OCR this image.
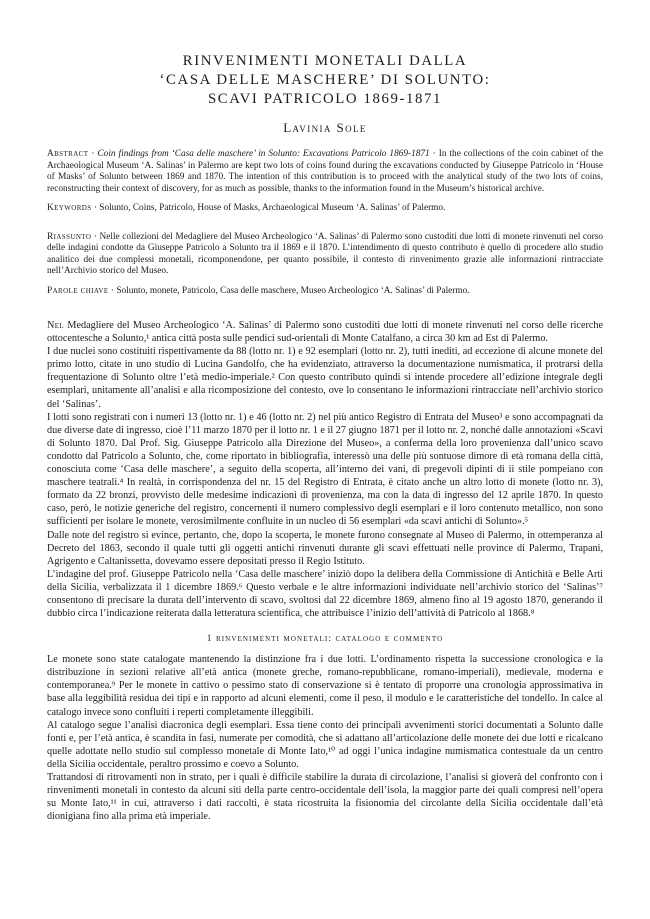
RINVENIMENTI MONETALI DALLA
‘CASA DELLE MASCHERE’ DI SOLUNTO:
SCAVI PATRICOLO 1869-1871
Lavinia Sole

Abstract · Coin findings from ‘Casa delle maschere’ in Solunto: Excavations Patricolo 1869-1871 · In the collections of the coin cabinet of the Archaeological Museum ‘A. Salinas’ in Palermo are kept two lots of coins found during the excavations conducted by Giuseppe Patricolo in ‘House of Masks’ of Solunto between 1869 and 1870. The intention of this contribution is to proceed with the analytical study of the two lots of coins, reconstructing their context of discovery, for as much as possible, thanks to the information found in the Museum’s historical archive.

Keywords · Solunto, Coins, Patricolo, House of Masks, Archaeological Museum ‘A. Salinas’ of Palermo.

Riassunto · Nelle collezioni del Medagliere del Museo Archeologico ‘A. Salinas’ di Palermo sono custoditi due lotti di monete rinvenuti nel corso delle indagini condotte da Giuseppe Patricolo a Solunto tra il 1869 e il 1870. L’intendimento di questo contributo è quello di procedere allo studio analitico dei due complessi monetali, ricomponendone, per quanto possibile, il contesto di rinvenimento grazie alle informazioni rintracciate nell’Archivio storico del Museo.

Parole chiave · Solunto, monete, Patricolo, Casa delle maschere, Museo Archeologico ‘A. Salinas’ di Palermo.

Nel Medagliere del Museo Archeologico ‘A. Salinas’ di Palermo sono custoditi due lotti di monete rinvenuti nel corso delle ricerche ottocentesche a Solunto,¹ antica città posta sulle pendici sud-orientali di Monte Catalfano, a circa 30 km ad Est di Palermo.

I due nuclei sono costituiti rispettivamente da 88 (lotto nr. 1) e 92 esemplari (lotto nr. 2), tutti inediti, ad eccezione di alcune monete del primo lotto, citate in uno studio di Lucina Gandolfo, che ha evidenziato, attraverso la documentazione numismatica, il protrarsi della frequentazione di Solunto oltre l’età medio-imperiale.² Con questo contributo quindi si intende procedere all’edizione integrale degli esemplari, unitamente all’analisi e alla ricomposizione del contesto, ove lo consentano le informazioni rintracciate nell’archivio storico del ‘Salinas’.

I lotti sono registrati con i numeri 13 (lotto nr. 1) e 46 (lotto nr. 2) nel più antico Registro di Entrata del Museo³ e sono accompagnati da due diverse date di ingresso, cioè l’11 marzo 1870 per il lotto nr. 1 e il 27 giugno 1871 per il lotto nr. 2, nonché dalle annotazioni «Scavi di Soluntо 1870. Dal Prof. Sig. Giuseppe Patricolo alla Direzione del Museo», a conferma della loro provenienza dall’unico scavo condotto dal Patricolo a Solunto, che, come riportato in bibliografia, interessò una delle più sontuose dimore di età romana della città, conosciuta come ‘Casa delle maschere’, a seguito della scoperta, all’interno dei vani, di pregevoli dipinti di ii stile pompeiano con maschere teatrali.⁴ In realtà, in corrispondenza del nr. 15 del Registro di Entrata, è citato anche un altro lotto di monete (lotto nr. 3), formato da 22 bronzi, provvisto delle medesime indicazioni di provenienza, ma con la data di ingresso del 12 aprile 1870. In questo caso, però, le notizie generiche del registro, concernenti il numero complessivo degli esemplari e il loro contenuto metallico, non sono sufficienti per isolare le monete, verosimilmente confluite in un nucleo di 56 esemplari «da scavi antichi di Solunto».⁵

Dalle note del registro si evince, pertanto, che, dopo la scoperta, le monete furono consegnate al Museo di Palermo, in ottemperanza al Decreto del 1863, secondo il quale tutti gli oggetti antichi rinvenuti durante gli scavi effettuati nelle province di Palermo, Trapani, Agrigento e Caltanissetta, dovevamo essere depositati presso il Regio Istituto.

L’indagine del prof. Giuseppe Patricolo nella ‘Casa delle maschere’ iniziò dopo la delibera della Commissione di Antichità e Belle Arti della Sicilia, verbalizzata il 1 dicembre 1869.⁶ Questo verbale e le altre informazioni individuate nell’archivio storico del ‘Salinas’⁷ consentono di precisare la durata dell’intervento di scavo, svoltosi dal 22 dicembre 1869, almeno fino al 19 agosto 1870, generando il dubbio circa l’indicazione reiterata dalla letteratura scientifica, che attribuisce l’inizio dell’attività di Patricolo al 1868.⁸

1 rinvenimenti monetali: catalogo e commento

Le monete sono state catalogate mantenendo la distinzione fra i due lotti. L’ordinamento rispetta la successione cronologica e la distribuzione in sezioni relative all’età antica (monete greche, romano-repubblicane, romano-imperiali), medievale, moderna e contemporanea.⁹ Per le monete in cattivo o pessimo stato di conservazione si è tentato di proporre una cronologia approssimativa in base alla leggibilità residua dei tipi e in rapporto ad alcuni elementi, come il peso, il modulo e le caratteristiche del tondello. In calce al catalogo invece sono confluiti i reperti completamente illeggibili.

Al catalogo segue l’analisi diacronica degli esemplari. Essa tiene conto dei principali avvenimenti storici documentati a Solunto dalle fonti e, per l’età antica, è scandita in fasi, numerate per comodità, che si adattano all’articolazione delle monete dei due lotti e ricalcano quelle adottate nello studio sul complesso monetale di Monte Iato,¹⁰ ad oggi l’unica indagine numismatica contestuale da un centro della Sicilia occidentale, peraltro prossimo e coevo a Solunto.

Trattandosi di ritrovamenti non in strato, per i quali è difficile stabilire la durata di circolazione, l’analisi si gioverà del confronto con i rinvenimenti monetali in contesto da alcuni siti della parte centro-occidentale dell’isola, la maggior parte dei quali compresi nell’opera su Monte Iato,¹¹ in cui, attraverso i dati raccolti, è stata ricostruita la fisionomia del circolante della Sicilia occidentale dall’età dionigiana fino alla prima età imperiale.
